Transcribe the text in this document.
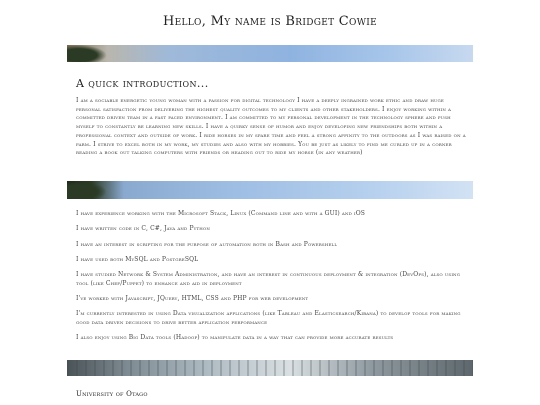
Hello, My name is Bridget Cowie
A quick introduction...
I am a sociable energetic young woman with a passion for digital technology I have a deeply ingrained work ethic and draw huge personal satisfaction from delivering the highest quality outcomes to my clients and other stakeholders. I enjoy working within a committed driven team in a fast paced environment. I am committed to my personal development in the technology sphere and push myself to constantly be learning new skills. I have a quirky sense of humor and enjoy developing new friendships both within a professional context and outside of work. I ride horses in my spare time and feel a strong affinity to the outdoors as I was raised on a farm. I strive to excel both in my work, my studies and also with my hobbies. You be just as likely to find me curled up in a corner reading a book out talking computers with friends or heading out to ride my horse (in any weather)
I have experience working with the Microsoft Stack, Linux (Command line and with a GUI) and iOS
I have written code in C, C#, Java and Python
I have an interest in scripting for the purpose of automation both in Bash and Powershell
I have used both MySQL and PostgreSQL
I have studied Network & System Administration, and have an interest in continuous deployment & integration (DevOps), also using tool (like Chef/Puppet) to enhance and aid in deployment
I've worked with Javascript, JQuery, HTML, CSS and PHP for web development
I'm currently interested in using Data visualization applications (like Tableau and Elasticsearch/Kibana) to develop tools for making good data driven decisions to drive better application performance
I also enjoy using Big Data tools (Hadoop) to manipulate data in a way that can provide more accurate results
University of Otago
